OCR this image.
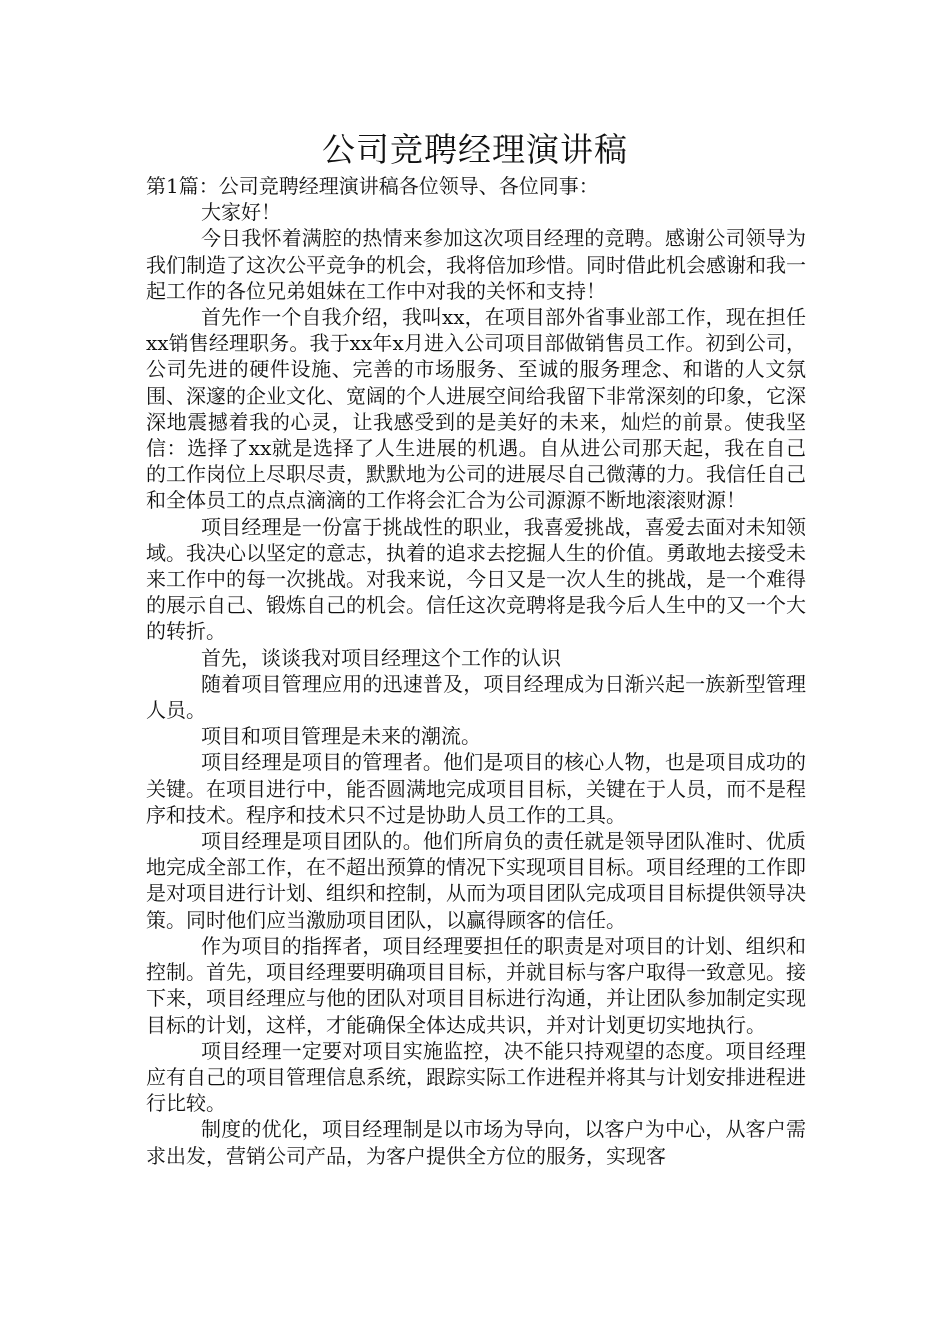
公司竞聘经理演讲稿

第1篇：公司竞聘经理演讲稿各位领导、各位同事：

大家好！

今日我怀着满腔的热情来参加这次项目经理的竞聘。感谢公司领导为我们制造了这次公平竞争的机会，我将倍加珍惜。同时借此机会感谢和我一起工作的各位兄弟姐妹在工作中对我的关怀和支持！

首先作一个自我介绍，我叫xx，在项目部外省事业部工作，现在担任xx销售经理职务。我于xx年x月进入公司项目部做销售员工作。初到公司，公司先进的硬件设施、完善的市场服务、至诚的服务理念、和谐的人文氛围、深邃的企业文化、宽阔的个人进展空间给我留下非常深刻的印象，它深深地震撼着我的心灵，让我感受到的是美好的未来，灿烂的前景。使我坚信：选择了xx就是选择了人生进展的机遇。自从进公司那天起，我在自己的工作岗位上尽职尽责，默默地为公司的进展尽自己微薄的力。我信任自己和全体员工的点点滴滴的工作将会汇合为公司源源不断地滚滚财源！

项目经理是一份富于挑战性的职业，我喜爱挑战，喜爱去面对未知领域。我决心以坚定的意志，执着的追求去挖掘人生的价值。勇敢地去接受未来工作中的每一次挑战。对我来说，今日又是一次人生的挑战，是一个难得的展示自己、锻炼自己的机会。信任这次竞聘将是我今后人生中的又一个大的转折。

首先，谈谈我对项目经理这个工作的认识

随着项目管理应用的迅速普及，项目经理成为日渐兴起一族新型管理人员。

项目和项目管理是未来的潮流。

项目经理是项目的管理者。他们是项目的核心人物，也是项目成功的关键。在项目进行中，能否圆满地完成项目目标，关键在于人员，而不是程序和技术。程序和技术只不过是协助人员工作的工具。

项目经理是项目团队的。他们所肩负的责任就是领导团队准时、优质地完成全部工作，在不超出预算的情况下实现项目目标。项目经理的工作即是对项目进行计划、组织和控制，从而为项目团队完成项目目标提供领导决策。同时他们应当激励项目团队，以赢得顾客的信任。

作为项目的指挥者，项目经理要担任的职责是对项目的计划、组织和控制。首先，项目经理要明确项目目标，并就目标与客户取得一致意见。接下来，项目经理应与他的团队对项目目标进行沟通，并让团队参加制定实现目标的计划，这样，才能确保全体达成共识，并对计划更切实地执行。

项目经理一定要对项目实施监控，决不能只持观望的态度。项目经理应有自己的项目管理信息系统，跟踪实际工作进程并将其与计划安排进程进行比较。

制度的优化，项目经理制是以市场为导向，以客户为中心，从客户需求出发，营销公司产品，为客户提供全方位的服务，实现客
